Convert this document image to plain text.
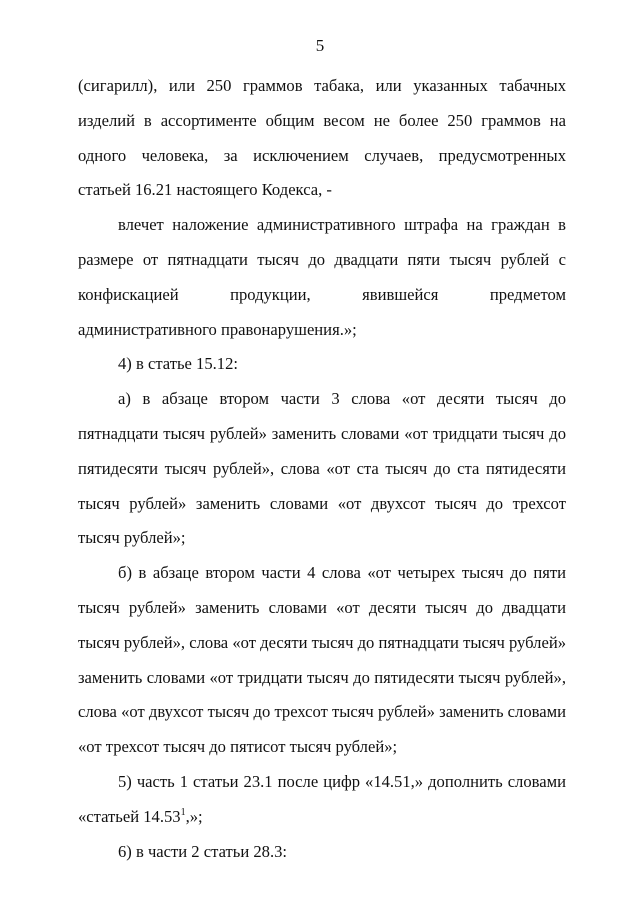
5

(сигарилл), или 250 граммов табака, или указанных табачных изделий в ассортименте общим весом не более 250 граммов на одного человека, за исключением случаев, предусмотренных статьей 16.21 настоящего Кодекса, -

влечет наложение административного штрафа на граждан в размере от пятнадцати тысяч до двадцати пяти тысяч рублей с конфискацией продукции, явившейся предметом административного правонарушения.»;

4) в статье 15.12:

а) в абзаце втором части 3 слова «от десяти тысяч до пятнадцати тысяч рублей» заменить словами «от тридцати тысяч до пятидесяти тысяч рублей», слова «от ста тысяч до ста пятидесяти тысяч рублей» заменить словами «от двухсот тысяч до трехсот тысяч рублей»;

б) в абзаце втором части 4 слова «от четырех тысяч до пяти тысяч рублей» заменить словами «от десяти тысяч до двадцати тысяч рублей», слова «от десяти тысяч до пятнадцати тысяч рублей» заменить словами «от тридцати тысяч до пятидесяти тысяч рублей», слова «от двухсот тысяч до трехсот тысяч рублей» заменить словами «от трехсот тысяч до пятисот тысяч рублей»;

5) часть 1 статьи 23.1 после цифр «14.51,» дополнить словами «статьей 14.53$^1$,»;

6) в части 2 статьи 28.3:
